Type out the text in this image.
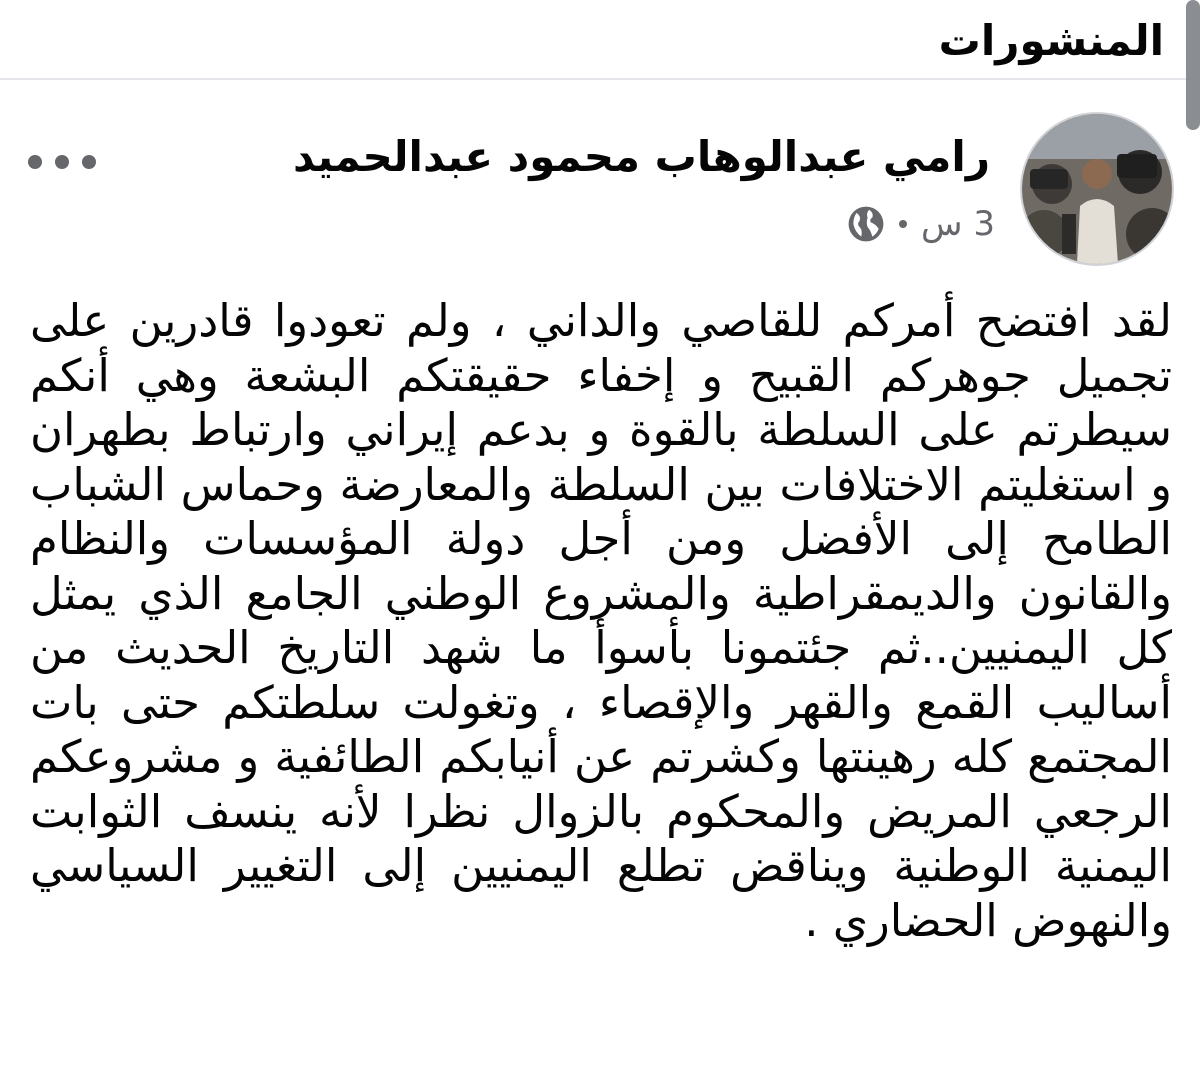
المنشورات
رامي عبدالوهاب محمود عبدالحميد
3 س

لقد افتضح أمركم للقاصي والداني ، ولم تعودوا قادرين على تجميل جوهركم القبيح و إخفاء حقيقتكم البشعة وهي أنكم سيطرتم على السلطة بالقوة و بدعم إيراني وارتباط بطهران و استغليتم الاختلافات بين السلطة والمعارضة وحماس الشباب الطامح إلى الأفضل ومن أجل دولة المؤسسات والنظام والقانون والديمقراطية والمشروع الوطني الجامع الذي يمثل كل اليمنيين..ثم جئتمونا بأسوأ ما شهد التاريخ الحديث من أساليب القمع والقهر والإقصاء ، وتغولت سلطتكم حتى بات المجتمع كله رهينتها وكشرتم عن أنيابكم الطائفية و مشروعكم الرجعي المريض والمحكوم بالزوال نظرا لأنه ينسف الثوابت اليمنية الوطنية ويناقض تطلع اليمنيين إلى التغيير السياسي والنهوض الحضاري .
